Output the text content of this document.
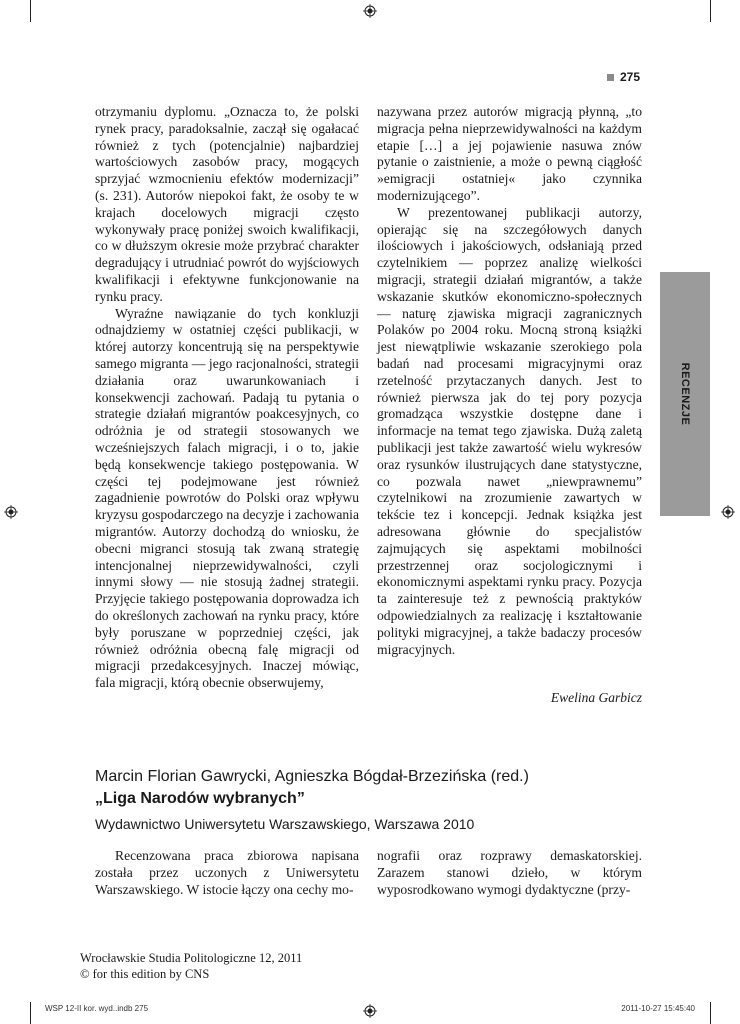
275
RECENZJE

otrzymaniu dyplomu. „Oznacza to, że polski rynek pracy, paradoksalnie, zaczął się ogałacać również z tych (potencjalnie) najbardziej wartościowych zasobów pracy, mogących sprzyjać wzmocnieniu efektów modernizacji” (s. 231). Autorów niepokoi fakt, że osoby te w krajach docelowych migracji często wykonywały pracę poniżej swoich kwalifikacji, co w dłuższym okresie może przybrać charakter degradujący i utrudniać powrót do wyjściowych kwalifikacji i efektywne funkcjonowanie na rynku pracy.

Wyraźne nawiązanie do tych konkluzji odnajdziemy w ostatniej części publikacji, w której autorzy koncentrują się na perspektywie samego migranta — jego racjonalności, strategii działania oraz uwarunkowaniach i konsekwencji zachowań. Padają tu pytania o strategie działań migrantów poakcesyjnych, co odróżnia je od strategii stosowanych we wcześniejszych falach migracji, i o to, jakie będą konsekwencje takiego postępowania. W części tej podejmowane jest również zagadnienie powrotów do Polski oraz wpływu kryzysu gospodarczego na decyzje i zachowania migrantów. Autorzy dochodzą do wniosku, że obecni migranci stosują tak zwaną strategię intencjonalnej nieprzewidywalności, czyli innymi słowy — nie stosują żadnej strategii. Przyjęcie takiego postępowania doprowadza ich do określonych zachowań na rynku pracy, które były poruszane w poprzedniej części, jak również odróżnia obecną falę migracji od migracji przedakcesyjnych. Inaczej mówiąc, fala migracji, którą obecnie obserwujemy,

nazywana przez autorów migracją płynną, „to migracja pełna nieprzewidywalności na każdym etapie […] a jej pojawienie nasuwa znów pytanie o zaistnienie, a może o pewną ciągłość »emigracji ostatniej« jako czynnika modernizującego”.

W prezentowanej publikacji autorzy, opierając się na szczegółowych danych ilościowych i jakościowych, odsłaniają przed czytelnikiem — poprzez analizę wielkości migracji, strategii działań migrantów, a także wskazanie skutków ekonomiczno-społecznych — naturę zjawiska migracji zagranicznych Polaków po 2004 roku. Mocną stroną książki jest niewątpliwie wskazanie szerokiego pola badań nad procesami migracyjnymi oraz rzetelność przytaczanych danych. Jest to również pierwsza jak do tej pory pozycja gromadząca wszystkie dostępne dane i informacje na temat tego zjawiska. Dużą zaletą publikacji jest także zawartość wielu wykresów oraz rysunków ilustrujących dane statystyczne, co pozwala nawet „niewprawnemu” czytelnikowi na zrozumienie zawartych w tekście tez i koncepcji. Jednak książka jest adresowana głównie do specjalistów zajmujących się aspektami mobilności przestrzennej oraz socjologicznymi i ekonomicznymi aspektami rynku pracy. Pozycja ta zainteresuje też z pewnością praktyków odpowiedzialnych za realizację i kształtowanie polityki migracyjnej, a także badaczy procesów migracyjnych.

Ewelina Garbicz
Marcin Florian Gawrycki, Agnieszka Bógdał-Brzezińska (red.)
„Liga Narodów wybranych”
Wydawnictwo Uniwersytetu Warszawskiego, Warszawa 2010

Recenzowana praca zbiorowa napisana została przez uczonych z Uniwersytetu Warszawskiego. W istocie łączy ona cechy mo-

nografii oraz rozprawy demaskatorskiej. Zarazem stanowi dzieło, w którym wyposrodkowano wymogi dydaktyczne (przy-

Wrocławskie Studia Politologiczne 12, 2011
© for this edition by CNS
WSP 12-II kor. wyd..indb 275	2011-10-27 15:45:40
